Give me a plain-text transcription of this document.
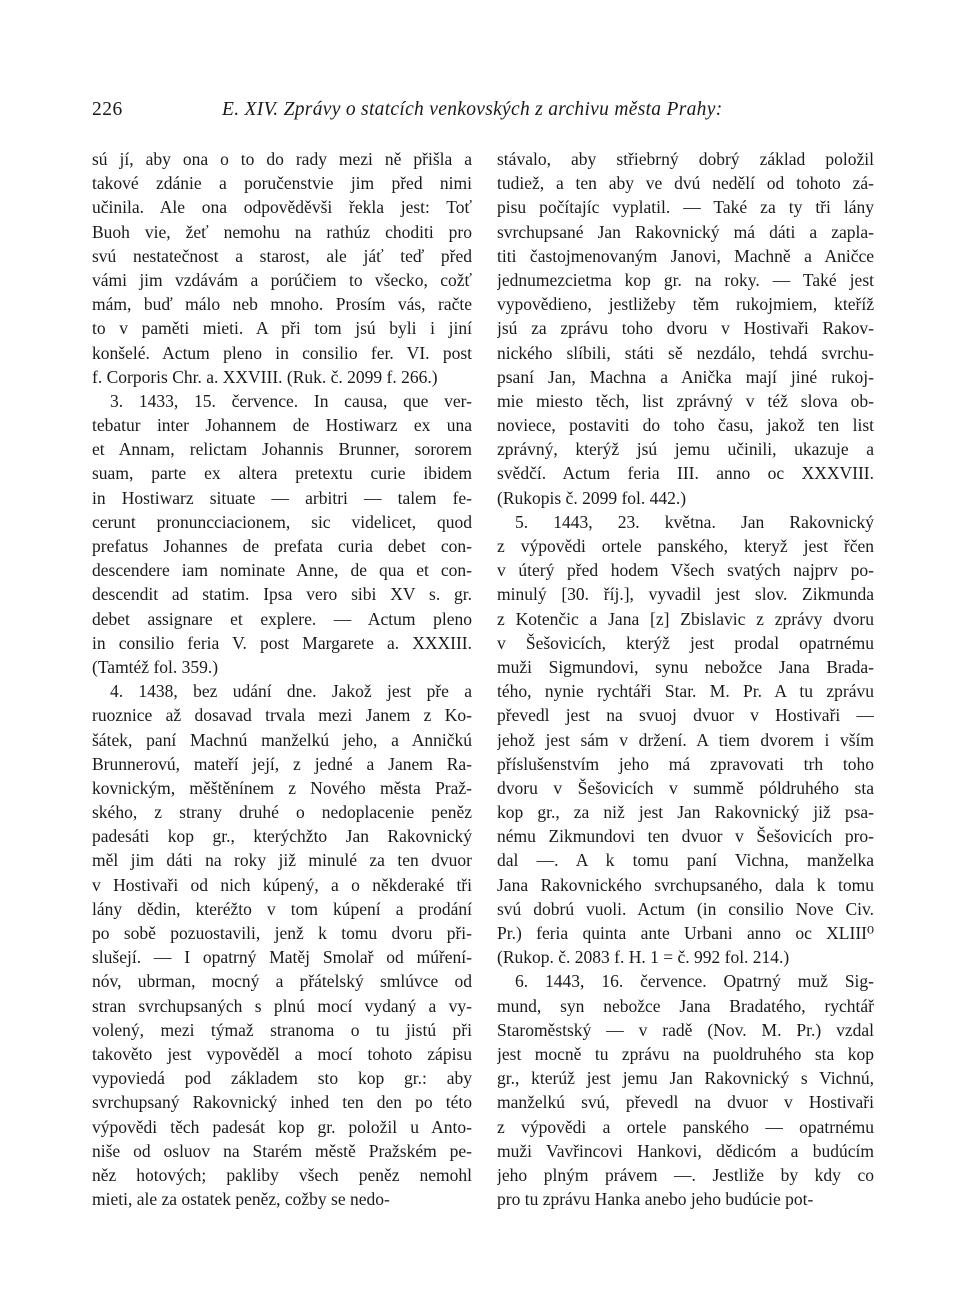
226	E. XIV. Zprávy o statcích venkovských z archivu města Prahy:
sú jí, aby ona o to do rady mezi ně přišla a
takové zdánie a poručenstvie jim před nimi
učinila. Ale ona odpověděvši řekla jest: Toť
Buoh vie, žeť nemohu na rathúz choditi pro
svú nestatečnost a starost, ale jáť teď před
vámi jim vzdávám a porúčiem to všecko, cožť
mám, buď málo neb mnoho. Prosím vás, račte
to v paměti mieti. A při tom jsú byli i jiní
konšelé. Actum pleno in consilio fer. VI. post
f. Corporis Chr. a. XXVIII. (Ruk. č. 2099 f. 266.)
3. 1433, 15. července. In causa, que ver-
tebatur inter Johannem de Hostiwarz ex una
et Annam, relictam Johannis Brunner, sororem
suam, parte ex altera pretextu curie ibidem
in Hostiwarz situate — arbitri — talem fe-
cerunt pronuncciacionem, sic videlicet, quod
prefatus Johannes de prefata curia debet con-
descendere iam nominate Anne, de qua et con-
descendit ad statim. Ipsa vero sibi XV s. gr.
debet assignare et explere. — Actum pleno
in consilio feria V. post Margarete a. XXXIII.
(Tamtéž fol. 359.)
4. 1438, bez udání dne. Jakož jest pře a
ruoznice až dosavad trvala mezi Janem z Ko-
šátek, paní Machnú manželkú jeho, a Anničkú
Brunnerovú, mateří její, z jedné a Janem Ra-
kovnickým, měštěnínem z Nového města Praž-
ského, z strany druhé o nedoplacenie peněz
padesáti kop gr., kterýchžto Jan Rakovnický
měl jim dáti na roky již minulé za ten dvuor
v Hostivaři od nich kúpený, a o někderaké tři
lány dědin, kteréžto v tom kúpení a prodání
po sobě pozuostavili, jenž k tomu dvoru při-
slušejí. — I opatrný Matěj Smolař od múření-
nóv, ubrman, mocný a přátelský smlúvce od
stran svrchupsaných s plnú mocí vydaný a vy-
volený, mezi týmaž stranoma o tu jistú při
takověto jest vypověděl a mocí tohoto zápisu
vypoviedá pod základem sto kop gr.: aby
svrchupsaný Rakovnický inhed ten den po této
výpovědi těch padesát kop gr. položil u Anto-
niše od osluov na Starém městě Pražském pe-
něz hotových; pakliby všech peněz nemohl
mieti, ale za ostatek peněz, cožby se nedo-
stávalo, aby střiebrný dobrý základ položil
tudiež, a ten aby ve dvú nedělí od tohoto zá-
pisu počítajíc vyplatil. — Také za ty tři lány
svrchupsané Jan Rakovnický má dáti a zapla-
titi častojmenovaným Janovi, Machně a Aničce
jednumezcietma kop gr. na roky. — Také jest
vypovědieno, jestližeby těm rukojmiem, kteříž
jsú za zprávu toho dvoru v Hostivaři Rakov-
nického slíbili, státi sě nezdálo, tehdá svrchu-
psaní Jan, Machna a Anička mají jiné rukoj-
mie miesto těch, list zprávný v též slova ob-
noviece, postaviti do toho času, jakož ten list
zprávný, kterýž jsú jemu učinili, ukazuje a
svědčí. Actum feria III. anno oc XXXVIII.
(Rukopis č. 2099 fol. 442.)
5. 1443, 23. května. Jan Rakovnický
z výpovědi ortele panského, kteryž jest řčen
v úterý před hodem Všech svatých najprv po-
minulý [30. říj.], vyvadil jest slov. Zikmunda
z Kotenčic a Jana [z] Zbislavic z zprávy dvoru
v Šešovicích, kterýž jest prodal opatrnému
muži Sigmundovi, synu nebožce Jana Brada-
tého, nynie rychtáři Star. M. Pr. A tu zprávu
převedl jest na svuoj dvuor v Hostivaři —
jehož jest sám v držení. A tiem dvorem i vším
příslušenstvím jeho má zpravovati trh toho
dvoru v Šešovicích v summě póldruhého sta
kop gr., za niž jest Jan Rakovnický již psa-
nému Zikmundovi ten dvuor v Šešovicích pro-
dal —. A k tomu paní Vichna, manželka
Jana Rakovnického svrchupsaného, dala k tomu
svú dobrú vuoli. Actum (in consilio Nove Civ.
Pr.) feria quinta ante Urbani anno oc XLIII⁰
(Rukop. č. 2083 f. H. 1 = č. 992 fol. 214.)
6. 1443, 16. července. Opatrný muž Sig-
mund, syn nebožce Jana Bradatého, rychtář
Staroměstský — v radě (Nov. M. Pr.) vzdal
jest mocně tu zprávu na puoldruhého sta kop
gr., kterúž jest jemu Jan Rakovnický s Vichnú,
manželkú svú, převedl na dvuor v Hostivaři
z výpovědi a ortele panského — opatrnému
muži Vavřincovi Hankovi, dědicóm a budúcím
jeho plným právem —. Jestliže by kdy co
pro tu zprávu Hanka anebo jeho budúcie pot-
